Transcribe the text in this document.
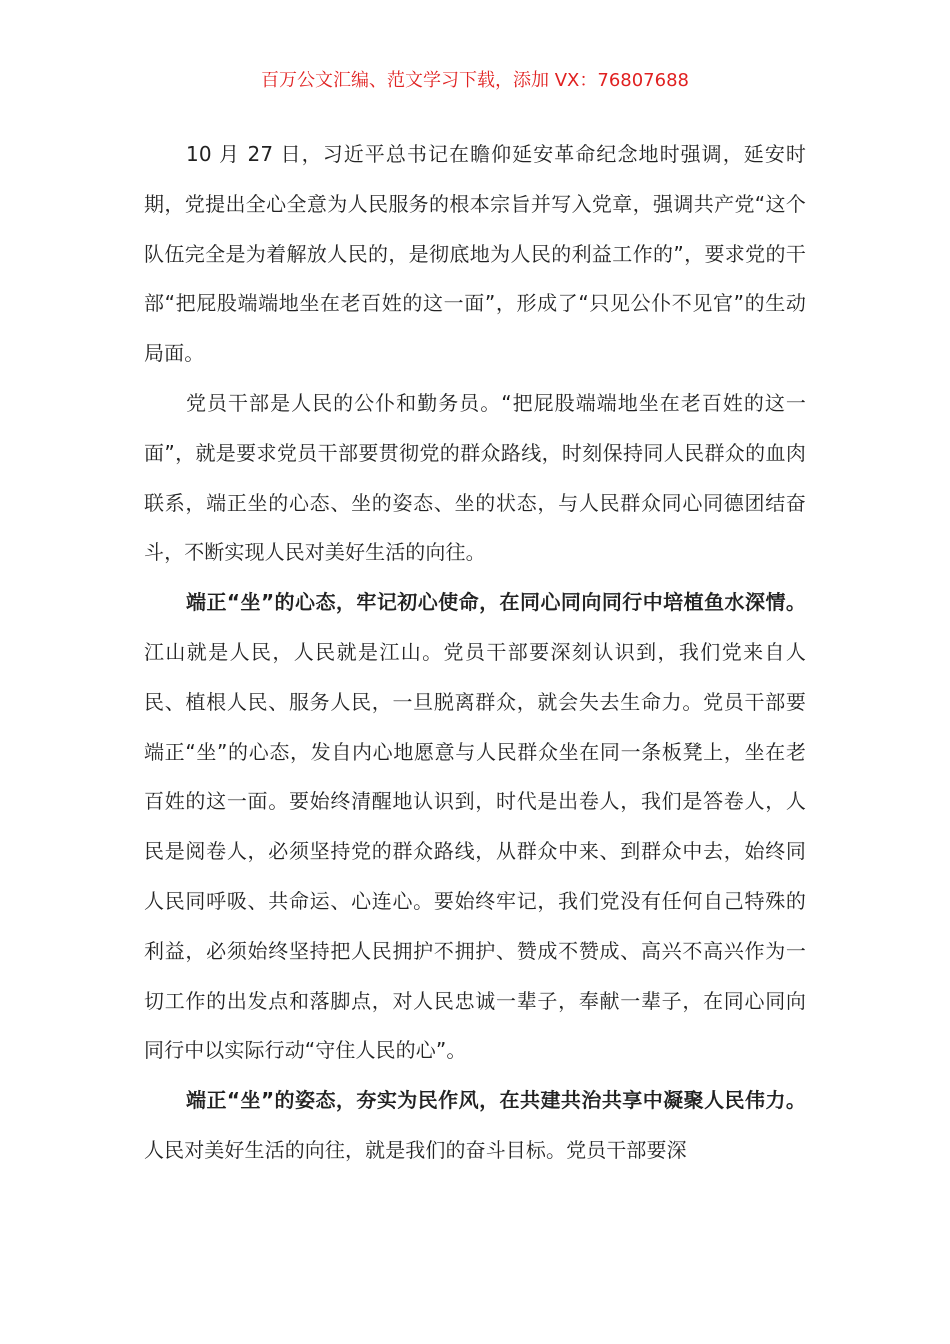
百万公文汇编、范文学习下载，添加 VX：76807688

10 月 27 日，习近平总书记在瞻仰延安革命纪念地时强调，延安时期，党提出全心全意为人民服务的根本宗旨并写入党章，强调共产党“这个队伍完全是为着解放人民的，是彻底地为人民的利益工作的”，要求党的干部“把屁股端端地坐在老百姓的这一面”，形成了“只见公仆不见官”的生动局面。

党员干部是人民的公仆和勤务员。“把屁股端端地坐在老百姓的这一面”，就是要求党员干部要贯彻党的群众路线，时刻保持同人民群众的血肉联系，端正坐的心态、坐的姿态、坐的状态，与人民群众同心同德团结奋斗，不断实现人民对美好生活的向往。

端正“坐”的心态，牢记初心使命，在同心同向同行中培植鱼水深情。江山就是人民，人民就是江山。党员干部要深刻认识到，我们党来自人民、植根人民、服务人民，一旦脱离群众，就会失去生命力。党员干部要端正“坐”的心态，发自内心地愿意与人民群众坐在同一条板凳上，坐在老百姓的这一面。要始终清醒地认识到，时代是出卷人，我们是答卷人，人民是阅卷人，必须坚持党的群众路线，从群众中来、到群众中去，始终同人民同呼吸、共命运、心连心。要始终牢记，我们党没有任何自己特殊的利益，必须始终坚持把人民拥护不拥护、赞成不赞成、高兴不高兴作为一切工作的出发点和落脚点，对人民忠诚一辈子，奉献一辈子，在同心同向同行中以实际行动“守住人民的心”。

端正“坐”的姿态，夯实为民作风，在共建共治共享中凝聚人民伟力。人民对美好生活的向往，就是我们的奋斗目标。党员干部要深
